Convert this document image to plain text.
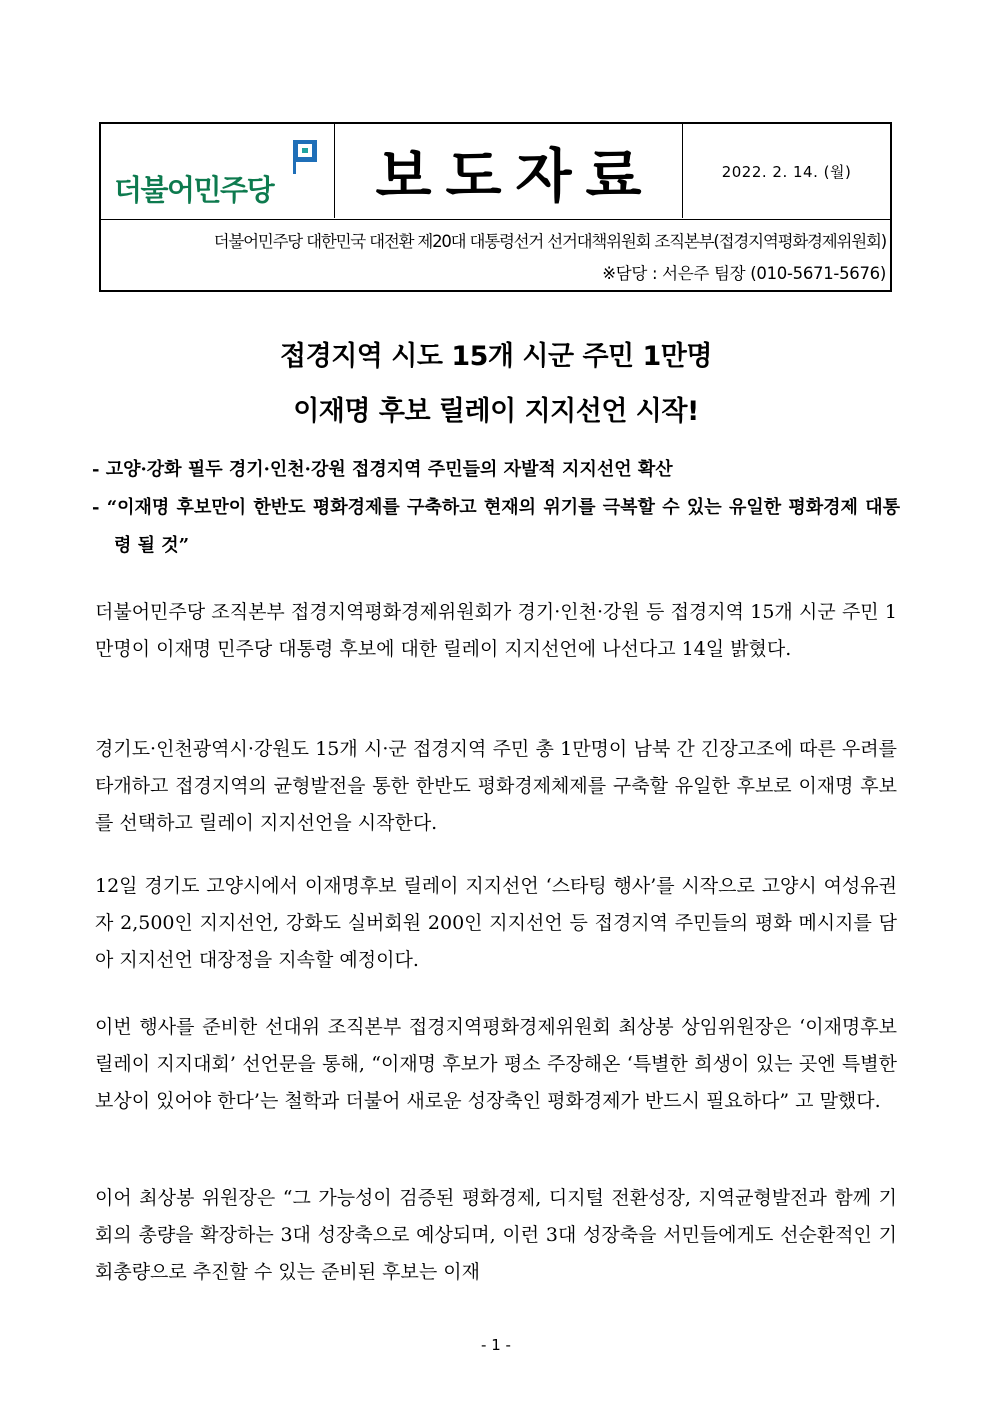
더불어민주당 보도자료	2022. 2. 14. (월)
더불어민주당 대한민국 대전환 제20대 대통령선거 선거대책위원회 조직본부(접경지역평화경제위원회)
※담당 : 서은주 팀장 (010-5671-5676)
접경지역 시도 15개 시군 주민 1만명
이재명 후보 릴레이 지지선언 시작!
- 고양·강화 필두 경기·인천·강원 접경지역 주민들의 자발적 지지선언 확산
- “이재명 후보만이 한반도 평화경제를 구축하고 현재의 위기를 극복할 수 있는 유일한 평화경제 대통령 될 것”
더불어민주당 조직본부 접경지역평화경제위원회가 경기·인천·강원 등 접경지역 15개 시군 주민 1만명이 이재명 민주당 대통령 후보에 대한 릴레이 지지선언에 나선다고 14일 밝혔다.
경기도·인천광역시·강원도 15개 시·군 접경지역 주민 총 1만명이 남북 간 긴장고조에 따른 우려를 타개하고 접경지역의 균형발전을 통한 한반도 평화경제체제를 구축할 유일한 후보로 이재명 후보를 선택하고 릴레이 지지선언을 시작한다.
12일 경기도 고양시에서 이재명후보 릴레이 지지선언 ‘스타팅 행사’를 시작으로 고양시 여성유권자 2,500인 지지선언, 강화도 실버회원 200인 지지선언 등 접경지역 주민들의 평화 메시지를 담아 지지선언 대장정을 지속할 예정이다.
이번 행사를 준비한 선대위 조직본부 접경지역평화경제위원회 최상봉 상임위원장은 ‘이재명후보 릴레이 지지대회’ 선언문을 통해, “이재명 후보가 평소 주장해온 ‘특별한 희생이 있는 곳엔 특별한 보상이 있어야 한다’는 철학과 더불어 새로운 성장축인 평화경제가 반드시 필요하다” 고 말했다.
이어 최상봉 위원장은 “그 가능성이 검증된 평화경제, 디지털 전환성장, 지역균형발전과 함께 기회의 총량을 확장하는 3대 성장축으로 예상되며, 이런 3대 성장축을 서민들에게도 선순환적인 기회총량으로 추진할 수 있는 준비된 후보는 이재
- 1 -
